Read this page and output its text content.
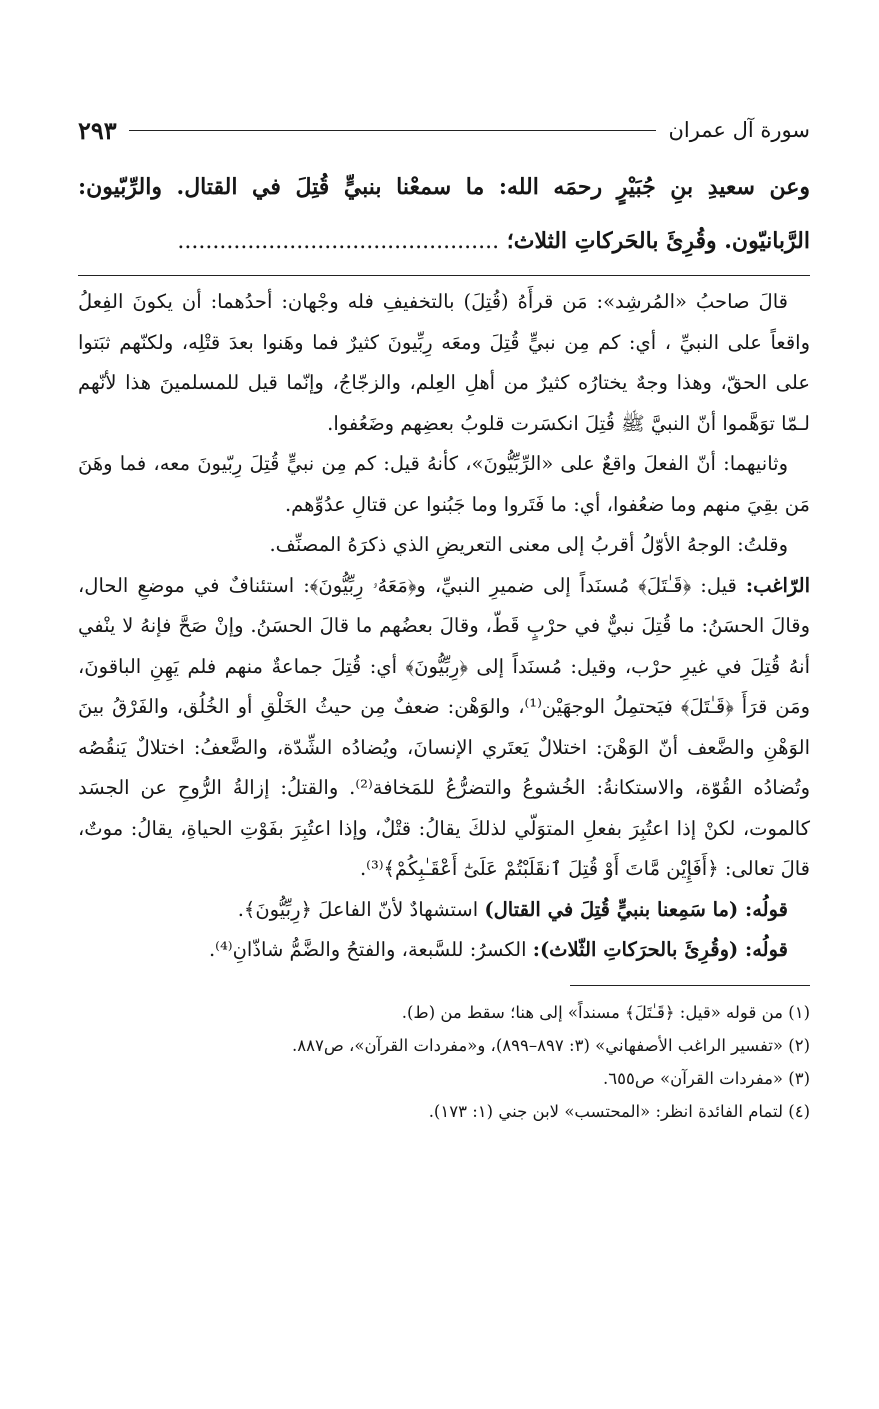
سورة آل عمران
٢٩٣
وعن سعيدِ بنِ جُبَيْرٍ رحمَه الله: ما سمعْنا بنبيٍّ قُتِلَ في القتال. والرِّبّيون: الرَّبانيّون. وقُرِئَ بالحَركاتِ الثلاث؛ ..............................................

قالَ صاحبُ «المُرشِد»: مَن قرأَهُ (قُتِلَ) بالتخفيفِ فله وجْهان: أحدُهما: أن يكونَ الفِعلُ واقعاً على النبيِّ ، أي: كم مِن نبيٍّ قُتِلَ ومعَه رِبِّيونَ كثيرٌ فما وهَنوا بعدَ قتْلِه، ولكنّهم ثبَتوا على الحقّ، وهذا وجهٌ يختارُه كثيرٌ من أهلِ العِلم، والزجّاجُ، وإنّما قيل للمسلمينَ هذا لأنّهم لـمّا توَهَّموا أنّ النبيَّ ﷺ قُتِلَ انكسَرت قلوبُ بعضِهم وضَعُفوا.

وثانيهما: أنّ الفعلَ واقعٌ على «الرِّبِّيُّونَ»، كأنهُ قيل: كم مِن نبيٍّ قُتِلَ رِبّيونَ معه، فما وهَنَ مَن بقِيَ منهم وما ضعُفوا، أي: ما فَتَروا وما جَبُنوا عن قتالِ عدُوِّهم.

وقلتُ: الوجهُ الأوّلُ أقربُ إلى معنى التعريضِ الذي ذكرَهُ المصنِّف.

الرّاغب: قيل: ﴿قَـٰتَلَ﴾ مُسنَداً إلى ضميرِ النبيِّ، و﴿مَعَهُۥ رِبِّيُّونَ﴾: استئنافٌ في موضعِ الحال، وقالَ الحسَنُ: ما قُتِلَ نبيٌّ في حرْبٍ قَطّ، وقالَ بعضُهم ما قالَ الحسَنُ. وإنْ صَحَّ فإنهُ لا ينْفي أنهُ قُتِلَ في غيرِ حرْب، وقيل: مُسنَداً إلى ﴿رِبِّيُّونَ﴾ أي: قُتِلَ جماعةٌ منهم فلم يَهِنِ الباقونَ، ومَن قرَأَ ﴿قَـٰتَلَ﴾ فيَحتمِلُ الوجهَيْن⁽¹⁾، والوَهْن: ضعفٌ مِن حيثُ الخَلْقِ أو الخُلُق، والفَرْقُ بينَ الوَهْنِ والضَّعف أنّ الوَهْنَ: اختلالٌ يَعتَري الإنسانَ، ويُضادُه الشِّدّة، والضَّعفُ: اختلالٌ يَنقُصُه وتُضادُه القُوّة، والاستكانةُ: الخُشوعُ والتضرُّعُ للمَخافة⁽²⁾. والقتلُ: إزالةُ الرُّوحِ عن الجسَد كالموت، لكنْ إذا اعتُبِرَ بفعلِ المتوَلّي لذلكَ يقالُ: قتْلٌ، وإذا اعتُبِرَ بفَوْتِ الحياةِ، يقالُ: موتٌ، قالَ تعالى: ﴿أَفَإِيْن مَّاتَ أَوْ قُتِلَ ٱنقَلَبْتُمْ عَلَىٰٓ أَعْقَـٰبِكُمْ﴾⁽³⁾.

قولُه: (ما سَمِعنا بنبيٍّ قُتِلَ في القتال) استشهادٌ لأنّ الفاعلَ ﴿رِبِّيُّونَ﴾.

قولُه: (وقُرِئَ بالحرَكاتِ الثّلاث): الكسرُ: للسَّبعة، والفتحُ والضَّمُّ شاذّانِ⁽⁴⁾.

(١) من قوله «قيل: ﴿قَـٰتَلَ﴾ مسنداً» إلى هنا؛ سقط من (ط).
(٢) «تفسير الراغب الأصفهاني» (٣: ٨٩٧–٨٩٩)، و«مفردات القرآن»، ص٨٨٧.
(٣) «مفردات القرآن» ص٦٥٥.
(٤) لتمام الفائدة انظر: «المحتسب» لابن جني (١: ١٧٣).
